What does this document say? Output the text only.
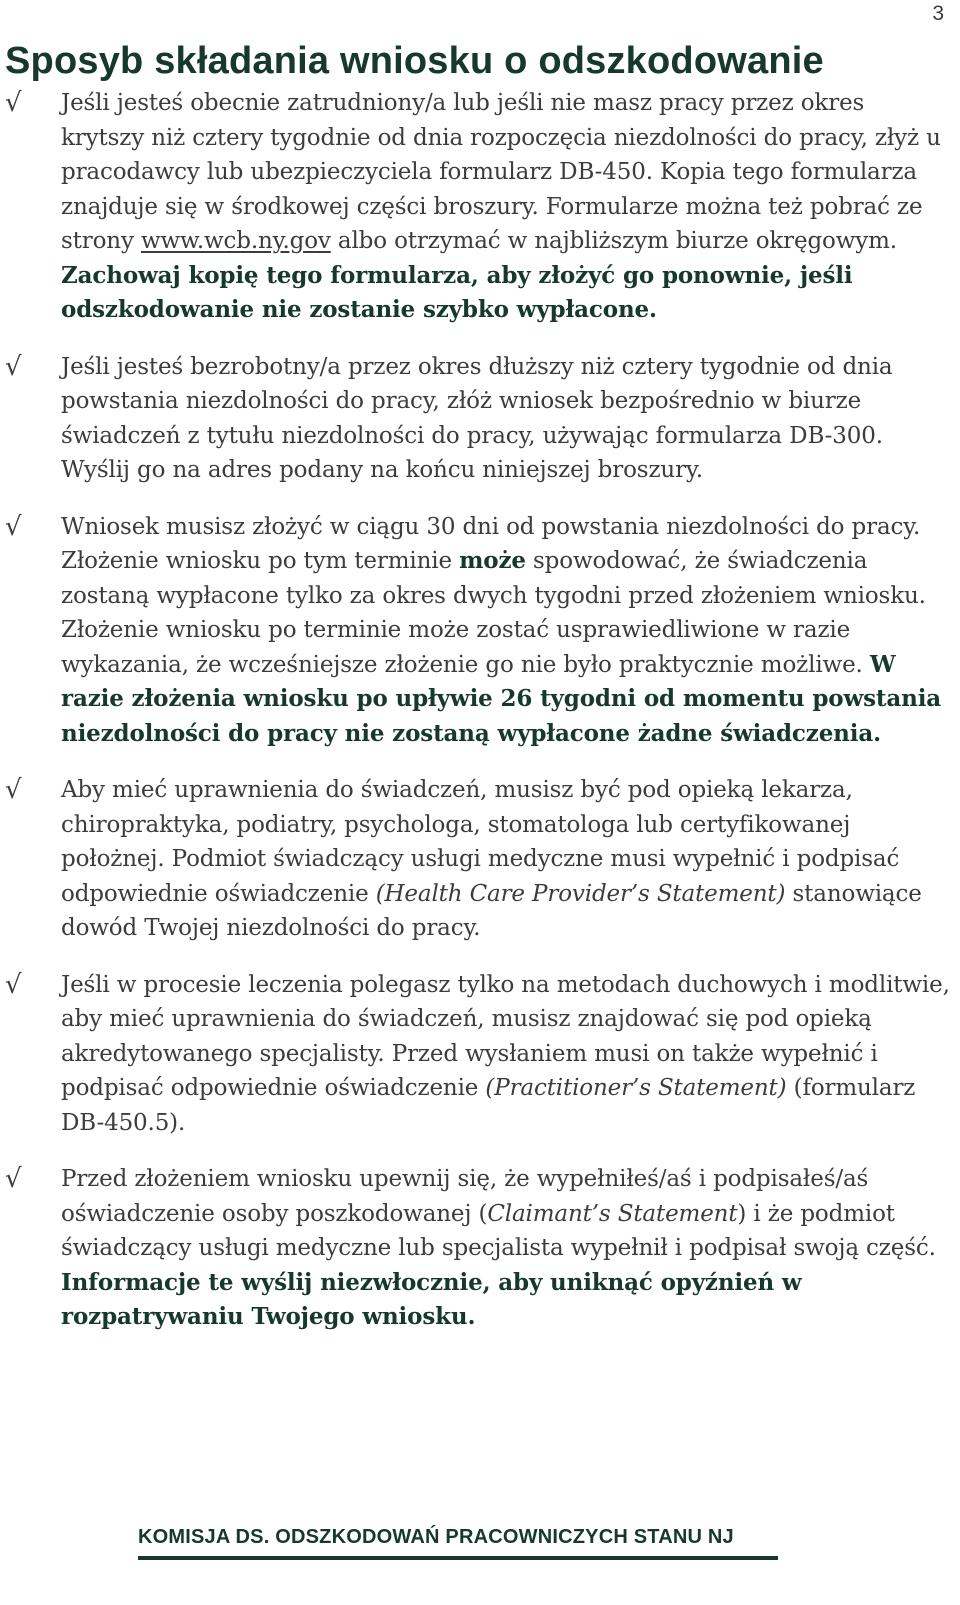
3
Sposyb składania wniosku o odszkodowanie
√ Jeśli jesteś obecnie zatrudniony/a lub jeśli nie masz pracy przez okres krytszy niż cztery tygodnie od dnia rozpoczęcia niezdolności do pracy, złyż u pracodawcy lub ubezpieczyciela formularz DB-450. Kopia tego formularza znajduje się w środkowej części broszury. Formularze można też pobrać ze strony www.wcb.ny.gov albo otrzymać w najbliższym biurze okręgowym. Zachowaj kopię tego formularza, aby złożyć go ponownie, jeśli odszkodowanie nie zostanie szybko wypłacone.
√ Jeśli jesteś bezrobotny/a przez okres dłuższy niż cztery tygodnie od dnia powstania niezdolności do pracy, złóż wniosek bezpośrednio w biurze świadczeń z tytułu niezdolności do pracy, używając formularza DB-300. Wyślij go na adres podany na końcu niniejszej broszury.
√ Wniosek musisz złożyć w ciągu 30 dni od powstania niezdolności do pracy. Złożenie wniosku po tym terminie może spowodować, że świadczenia zostaną wypłacone tylko za okres dwych tygodni przed złożeniem wniosku. Złożenie wniosku po terminie może zostać usprawiedliwione w razie wykazania, że wcześniejsze złożenie go nie było praktycznie możliwe. W razie złożenia wniosku po upływie 26 tygodni od momentu powstania niezdolności do pracy nie zostaną wypłacone żadne świadczenia.
√ Aby mieć uprawnienia do świadczeń, musisz być pod opieką lekarza, chiropraktyka, podiatry, psychologa, stomatologa lub certyfikowanej położnej. Podmiot świadczący usługi medyczne musi wypełnić i podpisać odpowiednie oświadczenie (Health Care Provider’s Statement) stanowiące dowód Twojej niezdolności do pracy.
√ Jeśli w procesie leczenia polegasz tylko na metodach duchowych i modlitwie, aby mieć uprawnienia do świadczeń, musisz znajdować się pod opieką akredytowanego specjalisty. Przed wysłaniem musi on także wypełnić i podpisać odpowiednie oświadczenie (Practitioner’s Statement) (formularz DB-450.5).
√ Przed złożeniem wniosku upewnij się, że wypełniłeś/aś i podpisałeś/aś oświadczenie osoby poszkodowanej (Claimant’s Statement) i że podmiot świadczący usługi medyczne lub specjalista wypełnił i podpisał swoją część. Informacje te wyślij niezwłocznie, aby uniknąć opyźnień w rozpatrywaniu Twojego wniosku.
KOMISJA DS. ODSZKODOWAŃ PRACOWNICZYCH STANU NJ
